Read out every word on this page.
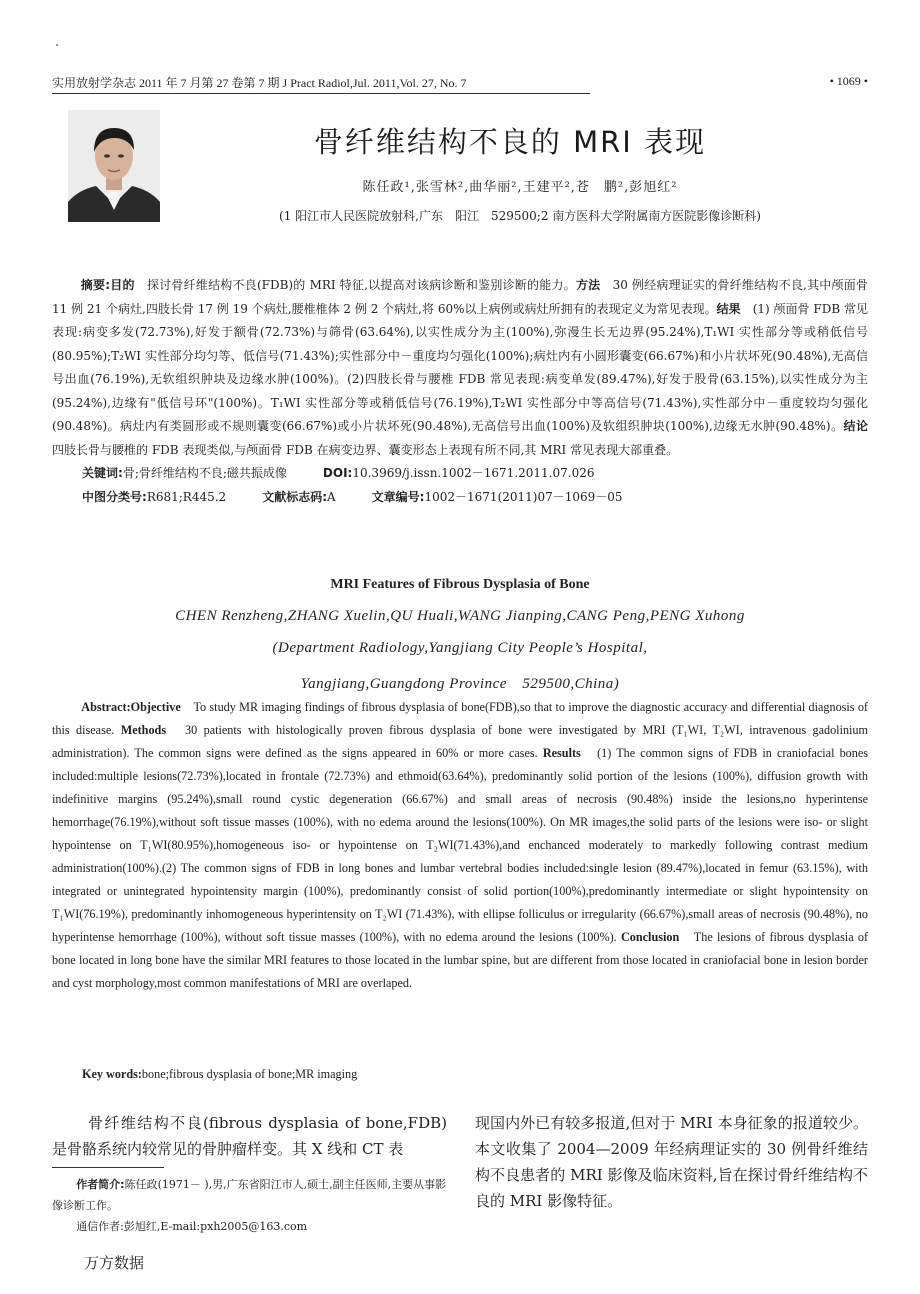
实用放射学杂志 2011 年 7 月第 27 卷第 7 期 J Pract Radiol,Jul. 2011,Vol. 27, No. 7	• 1069 •
骨纤维结构不良的 MRI 表现
陈任政¹,张雪林²,曲华丽²,王建平²,苍　鹏²,彭旭红²
(1 阳江市人民医院放射科,广东　阳江　529500;2 南方医科大学附属南方医院影像诊断科)

摘要:目的　 探讨骨纤维结构不良(FDB)的 MRI 特征,以提高对该病诊断和鉴别诊断的能力。方法　 30 例经病理证实的骨纤维结构不良,其中颅面骨 11 例 21 个病灶,四肢长骨 17 例 19 个病灶,腰椎椎体 2 例 2 个病灶,将 60%以上病例或病灶所拥有的表现定义为常见表现。结果　 (1) 颅面骨 FDB 常见表现:病变多发(72.73%),好发于额骨(72.73%)与筛骨(63.64%),以实性成分为主(100%),弥漫生长无边界(95.24%),T₁WI 实性部分等或稍低信号(80.95%);T₂WI 实性部分均匀等、低信号(71.43%);实性部分中－重度均匀强化(100%);病灶内有小圆形囊变(66.67%)和小片状坏死(90.48%),无高信号出血(76.19%),无软组织肿块及边缘水肿(100%)。(2)四肢长骨与腰椎 FDB 常见表现:病变单发(89.47%),好发于股骨(63.15%),以实性成分为主(95.24%),边缘有"低信号环"(100%)。T₁WI 实性部分等或稍低信号(76.19%),T₂WI 实性部分中等高信号(71.43%),实性部分中－重度较均匀强化(90.48%)。病灶内有类圆形或不规则囊变(66.67%)或小片状坏死(90.48%),无高信号出血(100%)及软组织肿块(100%),边缘无水肿(90.48%)。结论　四肢长骨与腰椎的 FDB 表现类似,与颅面骨 FDB 在病变边界、囊变形态上表现有所不同,其 MRI 常见表现大部重叠。

关键词:骨;骨纤维结构不良;磁共振成像	DOI:10.3969/j.issn.1002－1671.2011.07.026
中图分类号:R681;R445.2	文献标志码:A	文章编号:1002－1671(2011)07－1069－05
MRI Features of Fibrous Dysplasia of Bone
CHEN Renzheng,ZHANG Xuelin,QU Huali,WANG Jianping,CANG Peng,PENG Xuhong
(Department Radiology,Yangjiang City People’s Hospital,
Yangjiang,Guangdong Province　529500,China)

Abstract:Objective　 To study MR imaging findings of fibrous dysplasia of bone(FDB),so that to improve the diagnostic accuracy and differential diagnosis of this disease. Methods　 30 patients with histologically proven fibrous dysplasia of bone were investigated by MRI (T₁WI, T₂WI, intravenous gadolinium administration). The common signs were defined as the signs appeared in 60% or more cases. Results　 (1) The common signs of FDB in craniofacial bones included:multiple lesions(72.73%),located in frontale (72.73%) and ethmoid(63.64%), predominantly solid portion of the lesions (100%), diffusion growth with indefinitive margins (95.24%),small round cystic degeneration (66.67%) and small areas of necrosis (90.48%) inside the lesions,no hyperintense hemorrhage(76.19%),without soft tissue masses (100%), with no edema around the lesions(100%). On MR images,the solid parts of the lesions were iso- or slight hypointense on T₁WI(80.95%),homogeneous iso- or hypointense on T₂WI(71.43%),and enchanced moderately to markedly following contrast medium administration(100%).(2) The common signs of FDB in long bones and lumbar vertebral bodies included:single lesion (89.47%),located in femur (63.15%), with integrated or unintegrated hypointensity margin (100%), predominantly consist of solid portion(100%),predominantly intermediate or slight hypointensity on T₁WI(76.19%), predominantly inhomogeneous hyperintensity on T₂WI (71.43%), with ellipse folliculus or irregularity (66.67%),small areas of necrosis (90.48%), no hyperintense hemorrhage (100%), without soft tissue masses (100%), with no edema around the lesions (100%). Conclusion　 The lesions of fibrous dysplasia of bone located in long bone have the similar MRI features to those located in the lumbar spine, but are different from those located in craniofacial bone in lesion border and cyst morphology,most common manifestations of MRI are overlaped.

Key words:bone;fibrous dysplasia of bone;MR imaging

骨纤维结构不良(fibrous dysplasia of bone,FDB)是骨骼系统内较常见的骨肿瘤样变。其 X 线和 CT 表

现国内外已有较多报道,但对于 MRI 本身征象的报道较少。本文收集了 2004—2009 年经病理证实的 30 例骨纤维结构不良患者的 MRI 影像及临床资料,旨在探讨骨纤维结构不良的 MRI 影像特征。

作者简介:陈任政(1971－ ),男,广东省阳江市人,硕士,副主任医师,主要从事影像诊断工作。

通信作者:彭旭红,E-mail:pxh2005@163.com

万方数据
